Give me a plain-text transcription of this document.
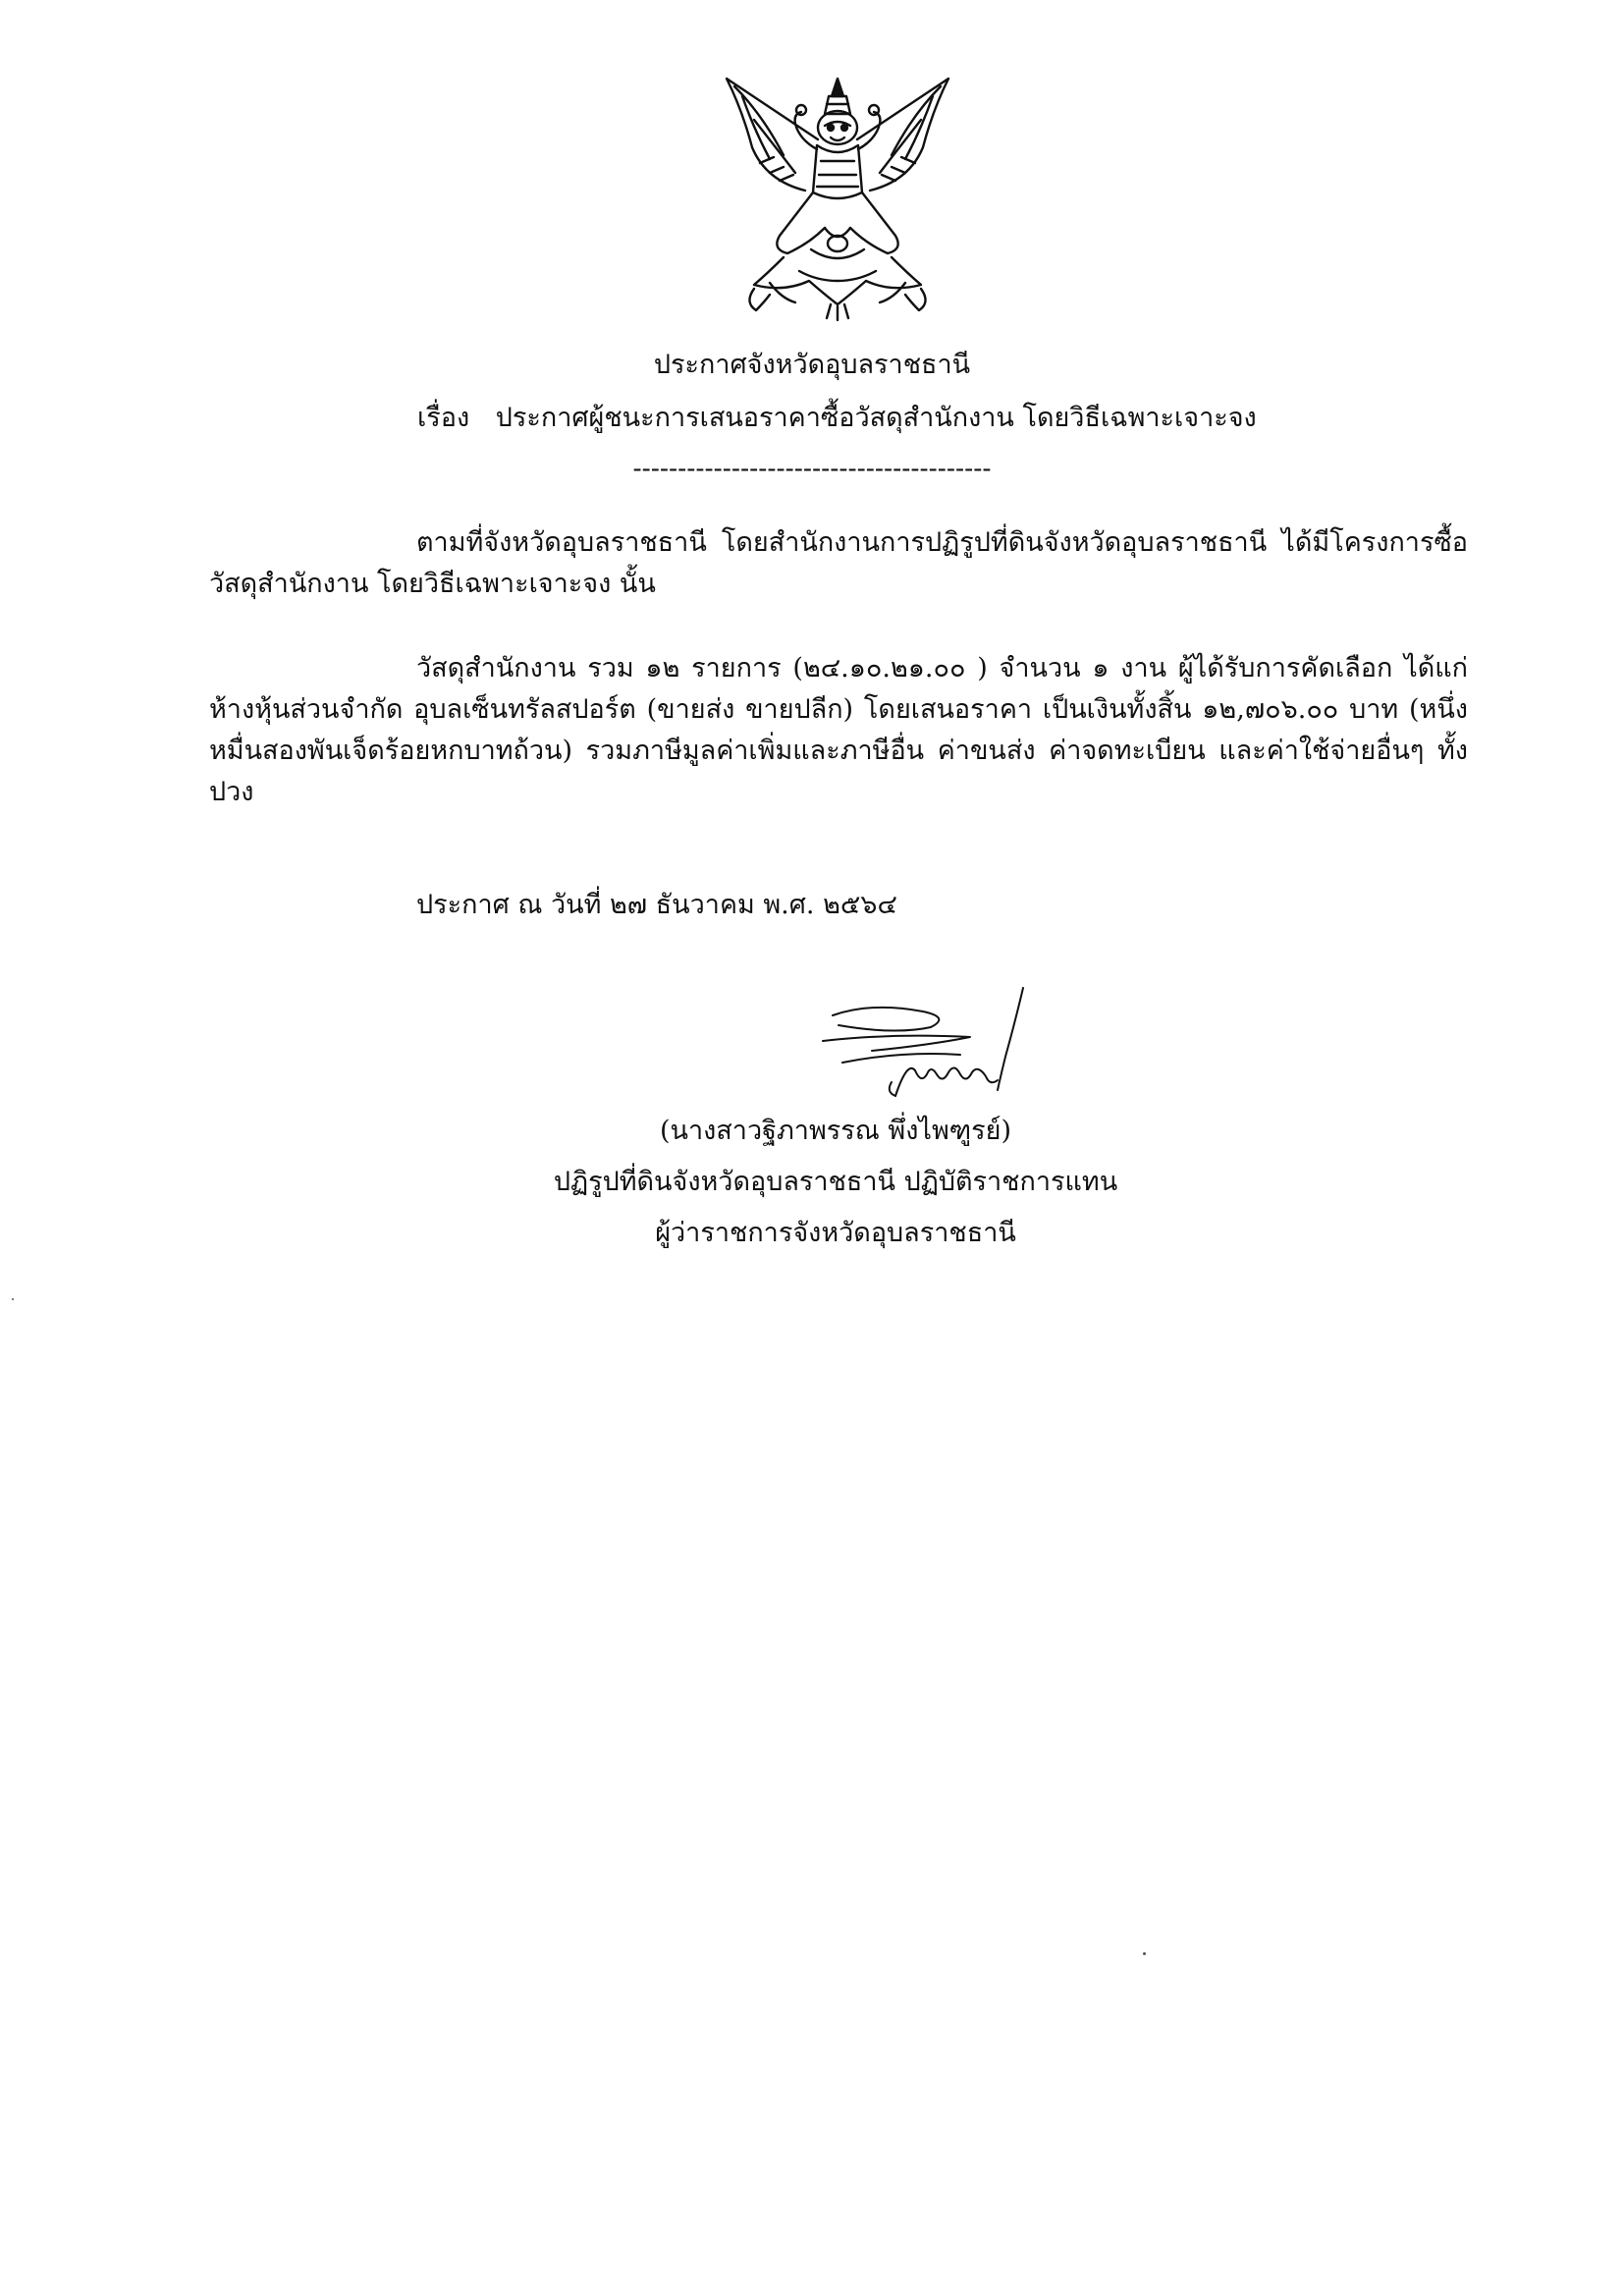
ประกาศจังหวัดอุบลราชธานี
เรื่อง ประกาศผู้ชนะการเสนอราคาซื้อวัสดุสำนักงาน โดยวิธีเฉพาะเจาะจง
----------------------------------------

ตามที่จังหวัดอุบลราชธานี โดยสำนักงานการปฏิรูปที่ดินจังหวัดอุบลราชธานี ได้มีโครงการซื้อวัสดุสำนักงาน โดยวิธีเฉพาะเจาะจง นั้น

วัสดุสำนักงาน รวม ๑๒ รายการ (๒๔.๑๐.๒๑.๐๐ ) จำนวน ๑ งาน ผู้ได้รับการคัดเลือก ได้แก่ ห้างหุ้นส่วนจำกัด อุบลเซ็นทรัลสปอร์ต (ขายส่ง ขายปลีก) โดยเสนอราคา เป็นเงินทั้งสิ้น ๑๒,๗๐๖.๐๐ บาท (หนึ่งหมื่นสองพันเจ็ดร้อยหกบาทถ้วน) รวมภาษีมูลค่าเพิ่มและภาษีอื่น ค่าขนส่ง ค่าจดทะเบียน และค่าใช้จ่ายอื่นๆ ทั้งปวง

ประกาศ ณ วันที่ ๒๗ ธันวาคม พ.ศ. ๒๕๖๔
(นางสาวฐิภาพรรณ พึ่งไพฑูรย์)
ปฏิรูปที่ดินจังหวัดอุบลราชธานี ปฏิบัติราชการแทน
ผู้ว่าราชการจังหวัดอุบลราชธานี
